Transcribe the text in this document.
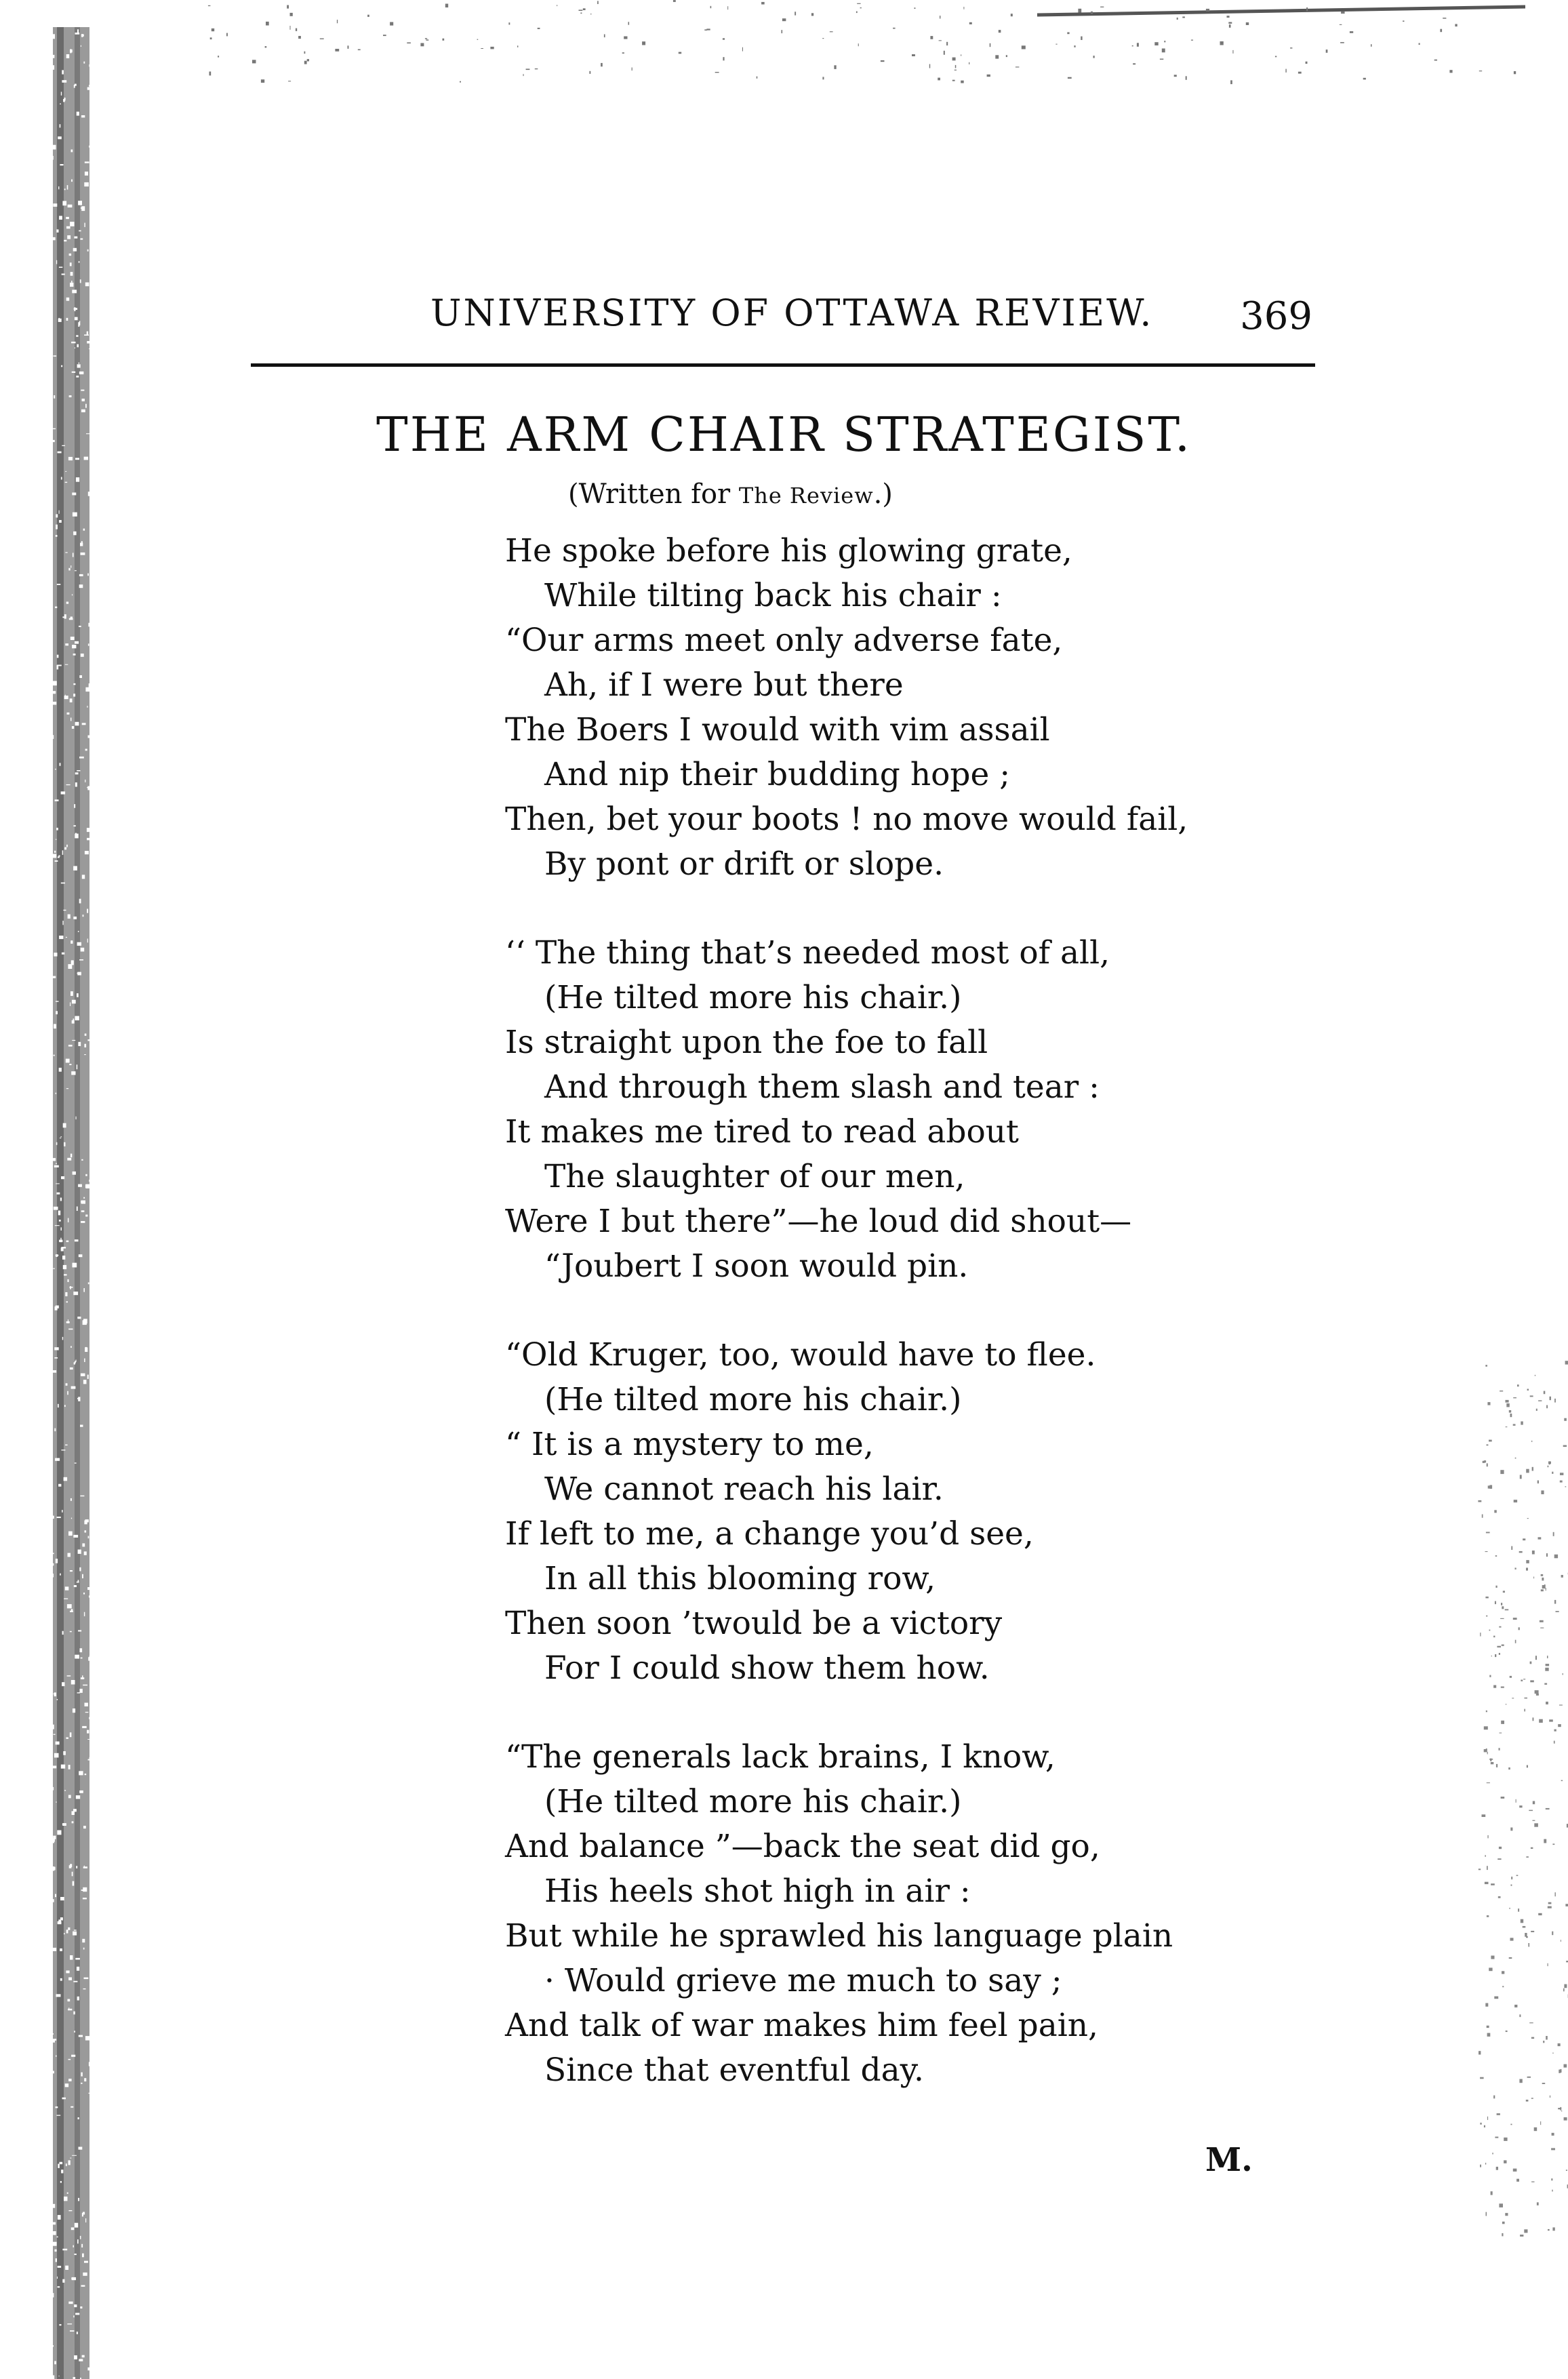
UNIVERSITY OF OTTAWA REVIEW. 369
THE ARM CHAIR STRATEGIST.
(Written for The Review.)
He spoke before his glowing grate,
While tilting back his chair :
“Our arms meet only adverse fate,
Ah, if I were but there
The Boers I would with vim assail
And nip their budding hope ;
Then, bet your boots ! no move would fail,
By pont or drift or slope.
‘‘ The thing that’s needed most of all,
(He tilted more his chair.)
Is straight upon the foe to fall
And through them slash and tear :
It makes me tired to read about
The slaughter of our men,
Were I but there”—he loud did shout—
“Joubert I soon would pin.
“Old Kruger, too, would have to flee.
(He tilted more his chair.)
“ It is a mystery to me,
We cannot reach his lair.
If left to me, a change you’d see,
In all this blooming row,
Then soon ’twould be a victory
For I could show them how.
“The generals lack brains, I know,
(He tilted more his chair.)
And balance ”—back the seat did go,
His heels shot high in air :
But while he sprawled his language plain
· Would grieve me much to say ;
And talk of war makes him feel pain,
Since that eventful day.
M.
